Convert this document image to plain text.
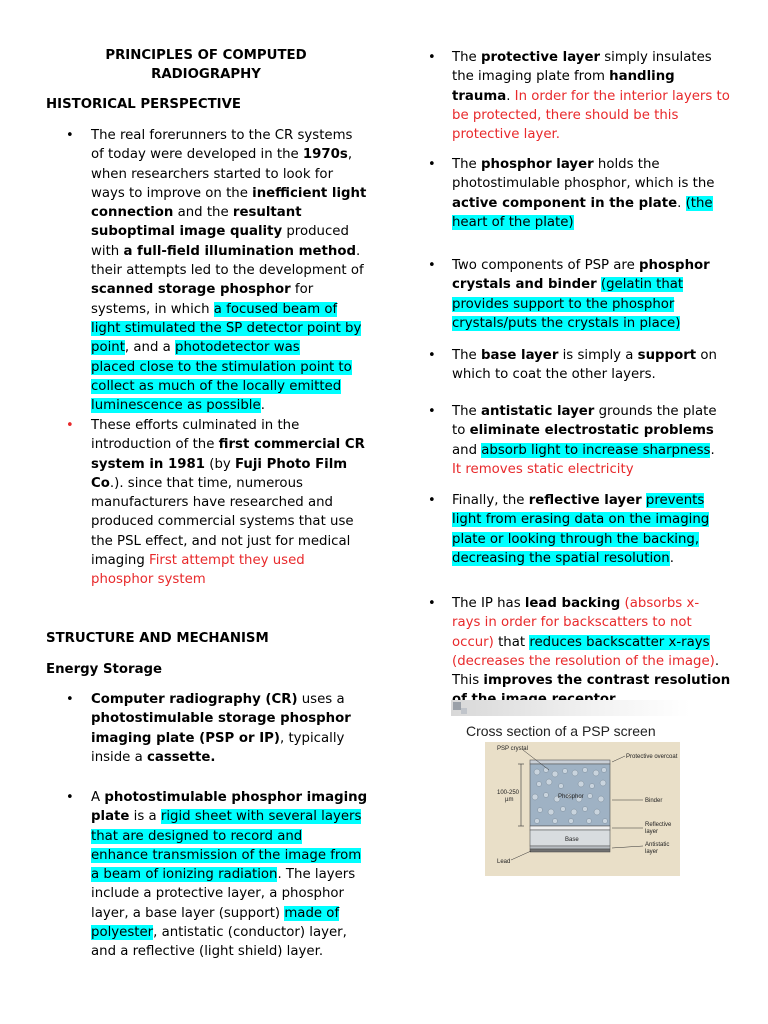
PRINCIPLES OF COMPUTED
RADIOGRAPHY
HISTORICAL PERSPECTIVE
• The real forerunners to the CR systems
of today were developed in the 1970s,
when researchers started to look for
ways to improve on the inefficient light
connection and the resultant
suboptimal image quality produced
with a full-field illumination method.
their attempts led to the development of
scanned storage phosphor for
systems, in which a focused beam of
light stimulated the SP detector point by
point, and a photodetector was
placed close to the stimulation point to
collect as much of the locally emitted
luminescence as possible.
• These efforts culminated in the
introduction of the first commercial CR
system in 1981 (by Fuji Photo Film
Co.). since that time, numerous
manufacturers have researched and
produced commercial systems that use
the PSL effect, and not just for medical
imaging First attempt they used
phosphor system
STRUCTURE AND MECHANISM
Energy Storage
• Computer radiography (CR) uses a
photostimulable storage phosphor
imaging plate (PSP or IP), typically
inside a cassette.
• A photostimulable phosphor imaging
plate is a rigid sheet with several layers
that are designed to record and
enhance transmission of the image from
a beam of ionizing radiation. The layers
include a protective layer, a phosphor
layer, a base layer (support) made of
polyester, antistatic (conductor) layer,
and a reflective (light shield) layer.
• The protective layer simply insulates
the imaging plate from handling
trauma. In order for the interior layers to
be protected, there should be this
protective layer.
• The phosphor layer holds the
photostimulable phosphor, which is the
active component in the plate. (the
heart of the plate)
• Two components of PSP are phosphor
crystals and binder (gelatin that
provides support to the phosphor
crystals/puts the crystals in place)
• The base layer is simply a support on
which to coat the other layers.
• The antistatic layer grounds the plate
to eliminate electrostatic problems
and absorb light to increase sharpness.
It removes static electricity
• Finally, the reflective layer prevents
light from erasing data on the imaging
plate or looking through the backing,
decreasing the spatial resolution.
• The IP has lead backing (absorbs x-
rays in order for backscatters to not
occur) that reduces backscatter x-rays
(decreases the resolution of the image).
This improves the contrast resolution
Cross section of a PSP screen
PSP crystal
Protective overcoat
100-250
µm	Phosphor
Binder
Reflective
layer
Base
Antistatic
layer
Lead
